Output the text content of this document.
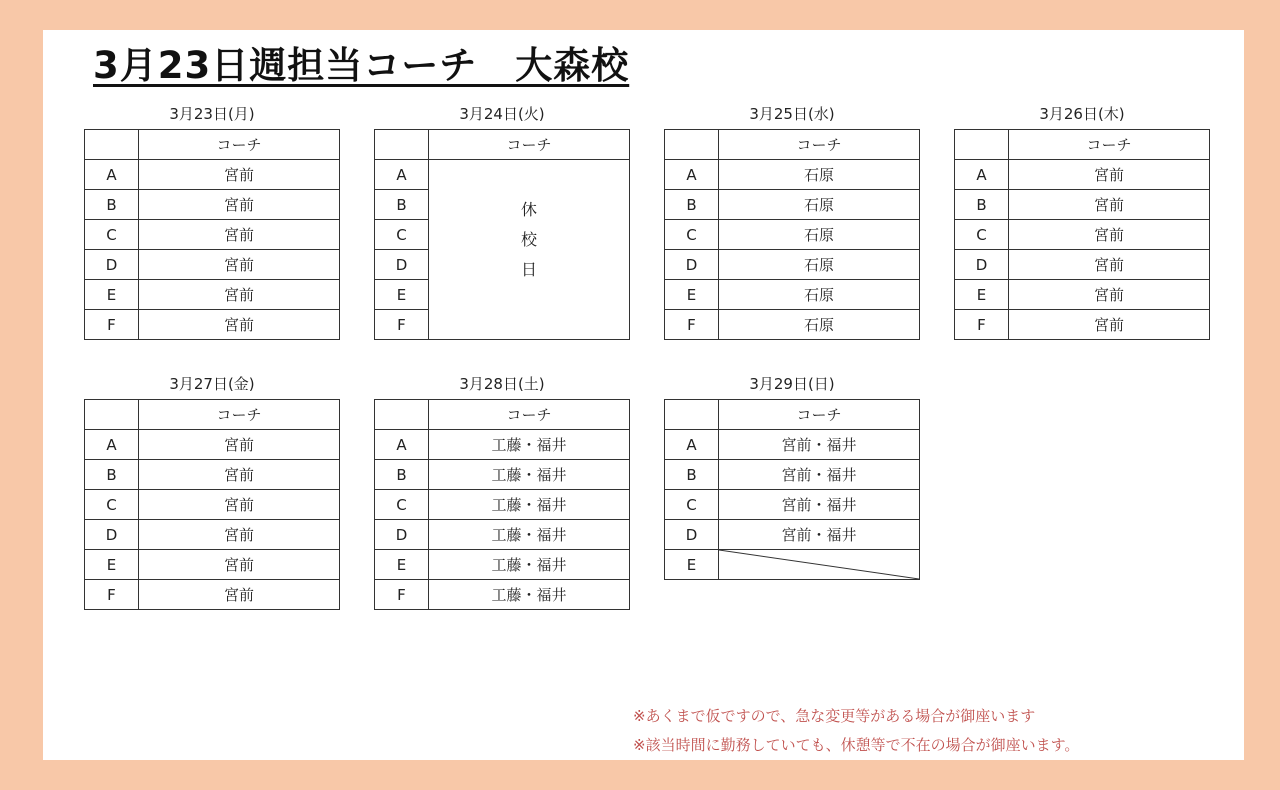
3月23日週担当コーチ　大森校
3月23日(月)
	コーチ
A	宮前
B	宮前
C	宮前
D	宮前
E	宮前
F	宮前
3月24日(火)
	コーチ
A	休校日
B	
C	
D	
E	
F	
3月25日(水)
	コーチ
A	石原
B	石原
C	石原
D	石原
E	石原
F	石原
3月26日(木)
	コーチ
A	宮前
B	宮前
C	宮前
D	宮前
E	宮前
F	宮前
3月27日(金)
	コーチ
A	宮前
B	宮前
C	宮前
D	宮前
E	宮前
F	宮前
3月28日(土)
	コーチ
A	工藤・福井
B	工藤・福井
C	工藤・福井
D	工藤・福井
E	工藤・福井
F	工藤・福井
3月29日(日)
	コーチ
A	宮前・福井
B	宮前・福井
C	宮前・福井
D	宮前・福井
E	
※あくまで仮ですので、急な変更等がある場合が御座います
※該当時間に勤務していても、休憩等で不在の場合が御座います。
